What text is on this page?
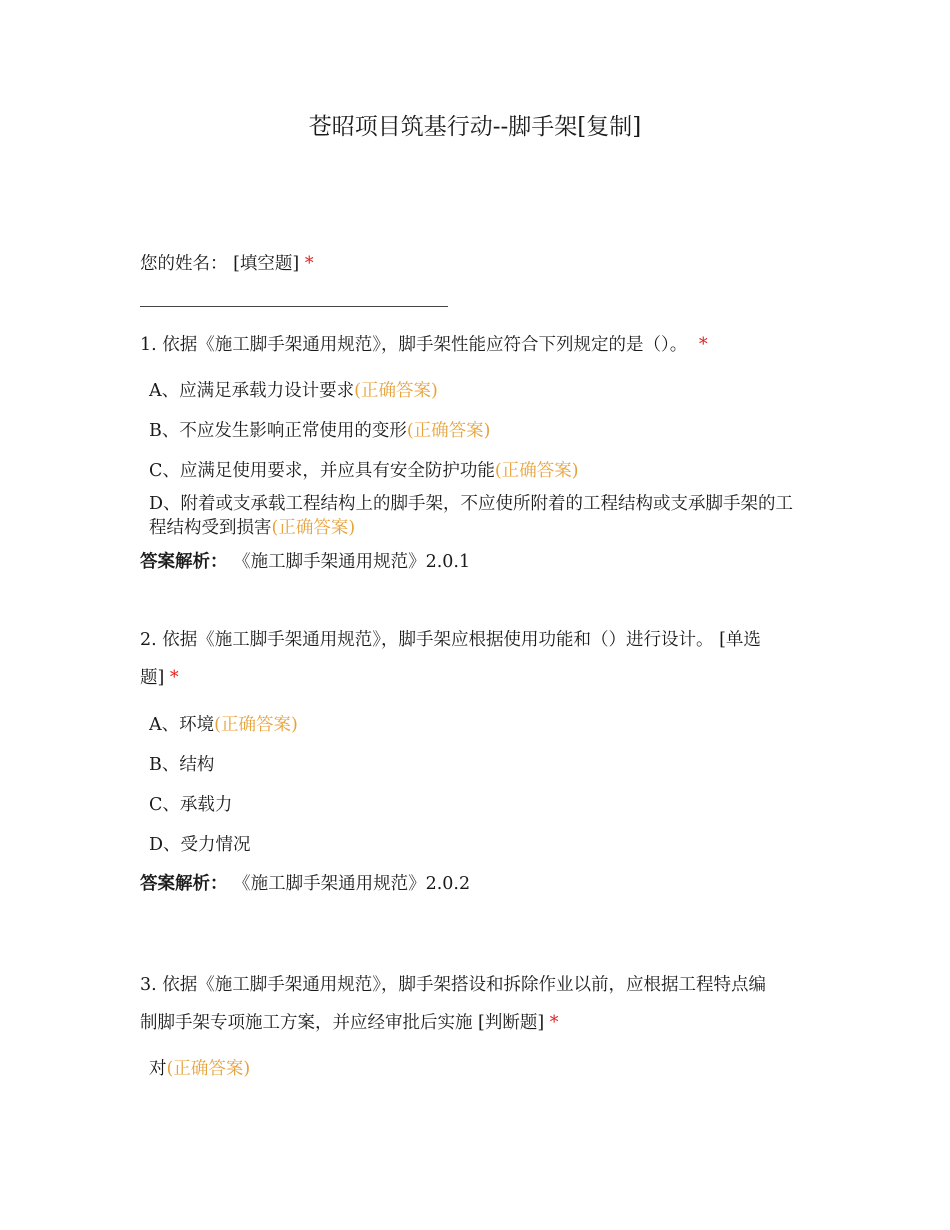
苍昭项目筑基行动--脚手架[复制]
您的姓名： [填空题] *
1. 依据《施工脚手架通用规范》，脚手架性能应符合下列规定的是（）。 *
A、应满足承载力设计要求(正确答案)
B、不应发生影响正常使用的变形(正确答案)
C、应满足使用要求，并应具有安全防护功能(正确答案)
D、附着或支承载工程结构上的脚手架，不应使所附着的工程结构或支承脚手架的工程结构受到损害(正确答案)
答案解析： 《施工脚手架通用规范》2.0.1
2. 依据《施工脚手架通用规范》，脚手架应根据使用功能和（）进行设计。 [单选
题] *
A、环境(正确答案)
B、结构
C、承载力
D、受力情况
答案解析： 《施工脚手架通用规范》2.0.2
3. 依据《施工脚手架通用规范》，脚手架搭设和拆除作业以前，应根据工程特点编
制脚手架专项施工方案，并应经审批后实施 [判断题] *
对(正确答案)
